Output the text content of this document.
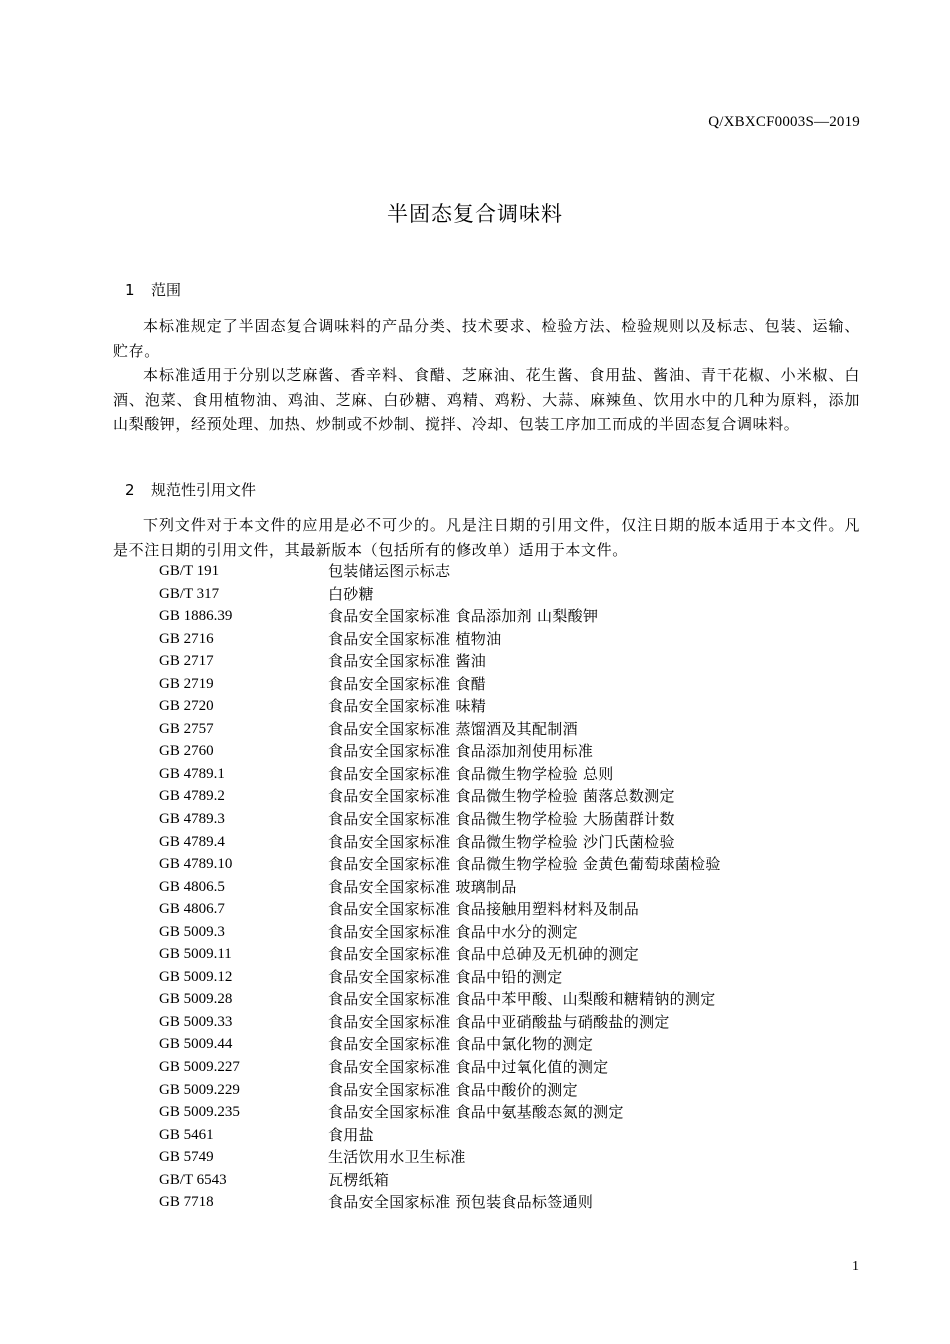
Q/XBXCF0003S—2019
半固态复合调味料
1 范围
本标准规定了半固态复合调味料的产品分类、技术要求、检验方法、检验规则以及标志、包装、运输、贮存。
本标准适用于分别以芝麻酱、香辛料、食醋、芝麻油、花生酱、食用盐、酱油、青干花椒、小米椒、白酒、泡菜、食用植物油、鸡油、芝麻、白砂糖、鸡精、鸡粉、大蒜、麻辣鱼、饮用水中的几种为原料，添加山梨酸钾，经预处理、加热、炒制或不炒制、搅拌、冷却、包装工序加工而成的半固态复合调味料。
2 规范性引用文件
下列文件对于本文件的应用是必不可少的。凡是注日期的引用文件，仅注日期的版本适用于本文件。凡是不注日期的引用文件，其最新版本（包括所有的修改单）适用于本文件。
GB/T 191	包装储运图示标志
GB/T 317	白砂糖
GB 1886.39	食品安全国家标准 食品添加剂 山梨酸钾
GB 2716	食品安全国家标准 植物油
GB 2717	食品安全国家标准 酱油
GB 2719	食品安全国家标准 食醋
GB 2720	食品安全国家标准 味精
GB 2757	食品安全国家标准 蒸馏酒及其配制酒
GB 2760	食品安全国家标准 食品添加剂使用标准
GB 4789.1	食品安全国家标准 食品微生物学检验 总则
GB 4789.2	食品安全国家标准 食品微生物学检验 菌落总数测定
GB 4789.3	食品安全国家标准 食品微生物学检验 大肠菌群计数
GB 4789.4	食品安全国家标准 食品微生物学检验 沙门氏菌检验
GB 4789.10	食品安全国家标准 食品微生物学检验 金黄色葡萄球菌检验
GB 4806.5	食品安全国家标准 玻璃制品
GB 4806.7	食品安全国家标准 食品接触用塑料材料及制品
GB 5009.3	食品安全国家标准 食品中水分的测定
GB 5009.11	食品安全国家标准 食品中总砷及无机砷的测定
GB 5009.12	食品安全国家标准 食品中铅的测定
GB 5009.28	食品安全国家标准 食品中苯甲酸、山梨酸和糖精钠的测定
GB 5009.33	食品安全国家标准 食品中亚硝酸盐与硝酸盐的测定
GB 5009.44	食品安全国家标准 食品中氯化物的测定
GB 5009.227	食品安全国家标准 食品中过氧化值的测定
GB 5009.229	食品安全国家标准 食品中酸价的测定
GB 5009.235	食品安全国家标准 食品中氨基酸态氮的测定
GB 5461	食用盐
GB 5749	生活饮用水卫生标准
GB/T 6543	瓦楞纸箱
GB 7718	食品安全国家标准 预包装食品标签通则
1
